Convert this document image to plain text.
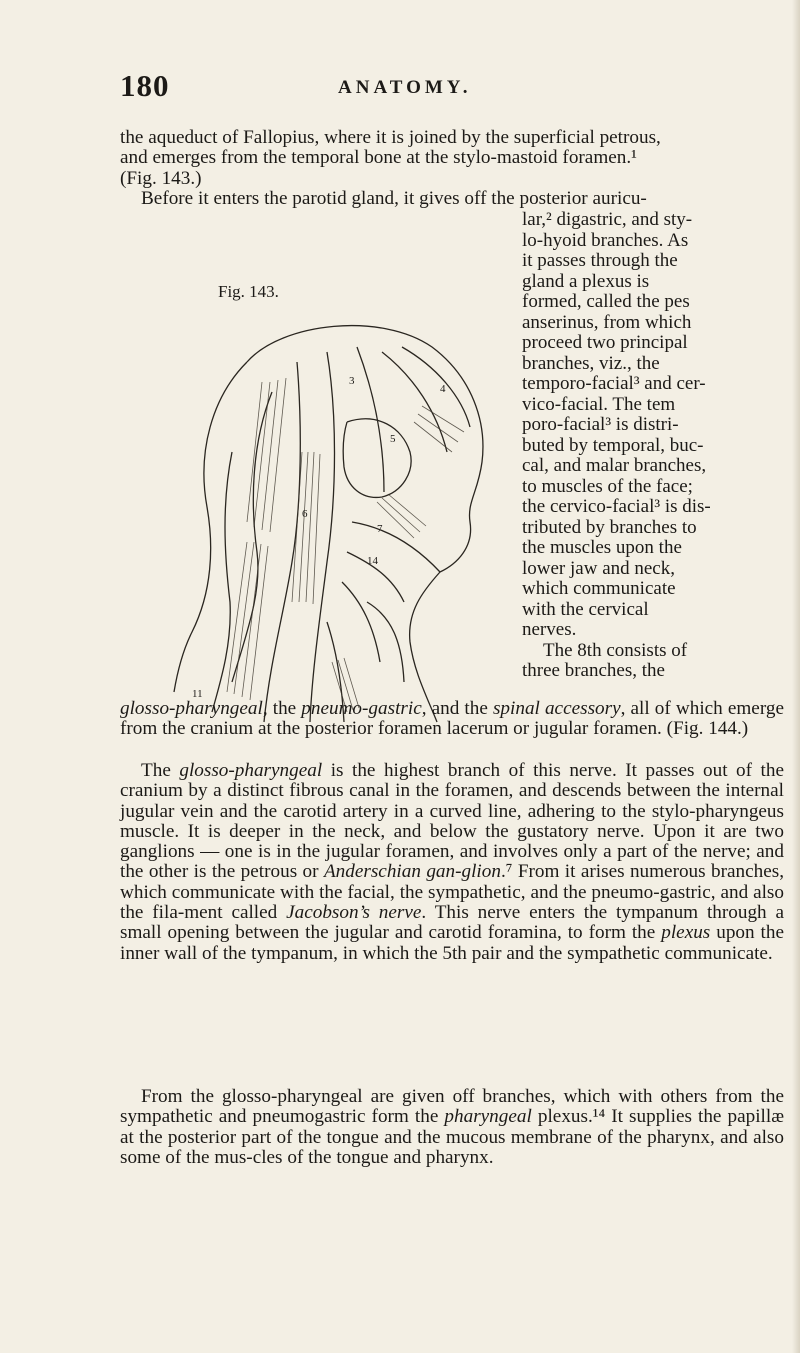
180	ANATOMY.
the aqueduct of Fallopius, where it is joined by the superficial petrous,
and emerges from the temporal bone at the stylo-mastoid foramen.¹
(Fig. 143.)
Before it enters the parotid gland, it gives off the posterior auricu-
lar,² digastric, and sty-
lo-hyoid branches. As
it passes through the
gland a plexus is
formed, called the pes
anserinus, from which
proceed two principal
branches, viz., the
temporo-facial³ and cer-
vico-facial. The tem
poro-facial³ is distri-
buted by temporal, buc-
cal, and malar branches,
to muscles of the face;
the cervico-facial³ is dis-
tributed by branches to
the muscles upon the
lower jaw and neck,
which communicate
with the cervical
nerves.
The 8th consists of
three branches, the
Fig. 143.
3
4
5
6
7
11
14
glosso-pharyngeal, the pneumo-gastric, and the spinal accessory, all of which emerge from the cranium at the posterior foramen lacerum or jugular foramen. (Fig. 144.)
The glosso-pharyngeal is the highest branch of this nerve. It passes out of the cranium by a distinct fibrous canal in the foramen, and descends between the internal jugular vein and the carotid artery in a curved line, adhering to the stylo-pharyngeus muscle. It is deeper in the neck, and below the gustatory nerve. Upon it are two ganglions — one is in the jugular foramen, and involves only a part of the nerve; and the other is the petrous or Anderschian gan-glion.⁷ From it arises numerous branches, which communicate with the facial, the sympathetic, and the pneumo-gastric, and also the fila-ment called Jacobson’s nerve. This nerve enters the tympanum through a small opening between the jugular and carotid foramina, to form the plexus upon the inner wall of the tympanum, in which the 5th pair and the sympathetic communicate.
From the glosso-pharyngeal are given off branches, which with others from the sympathetic and pneumogastric form the pharyngeal plexus.¹⁴ It supplies the papillæ at the posterior part of the tongue and the mucous membrane of the pharynx, and also some of the mus-cles of the tongue and pharynx.
